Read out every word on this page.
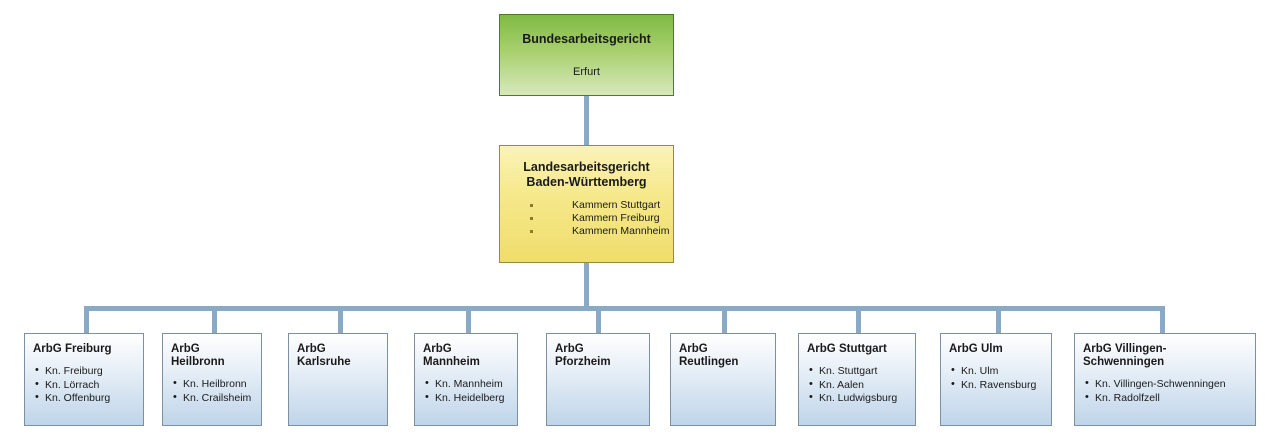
Bundesarbeitsgericht
Erfurt
Landesarbeitsgericht
Baden-Württemberg
Kammern Stuttgart
Kammern Freiburg
Kammern Mannheim
ArbG Freiburg
• Kn. Freiburg
• Kn. Lörrach
• Kn. Offenburg
ArbG Heilbronn
• Kn. Heilbronn
• Kn. Crailsheim
ArbG Karlsruhe
ArbG Mannheim
• Kn. Mannheim
• Kn. Heidelberg
ArbG Pforzheim
ArbG Reutlingen
ArbG Stuttgart
• Kn. Stuttgart
• Kn. Aalen
• Kn. Ludwigsburg
ArbG Ulm
• Kn. Ulm
• Kn. Ravensburg
ArbG Villingen-Schwenningen
• Kn. Villingen-Schwenningen
• Kn. Radolfzell
